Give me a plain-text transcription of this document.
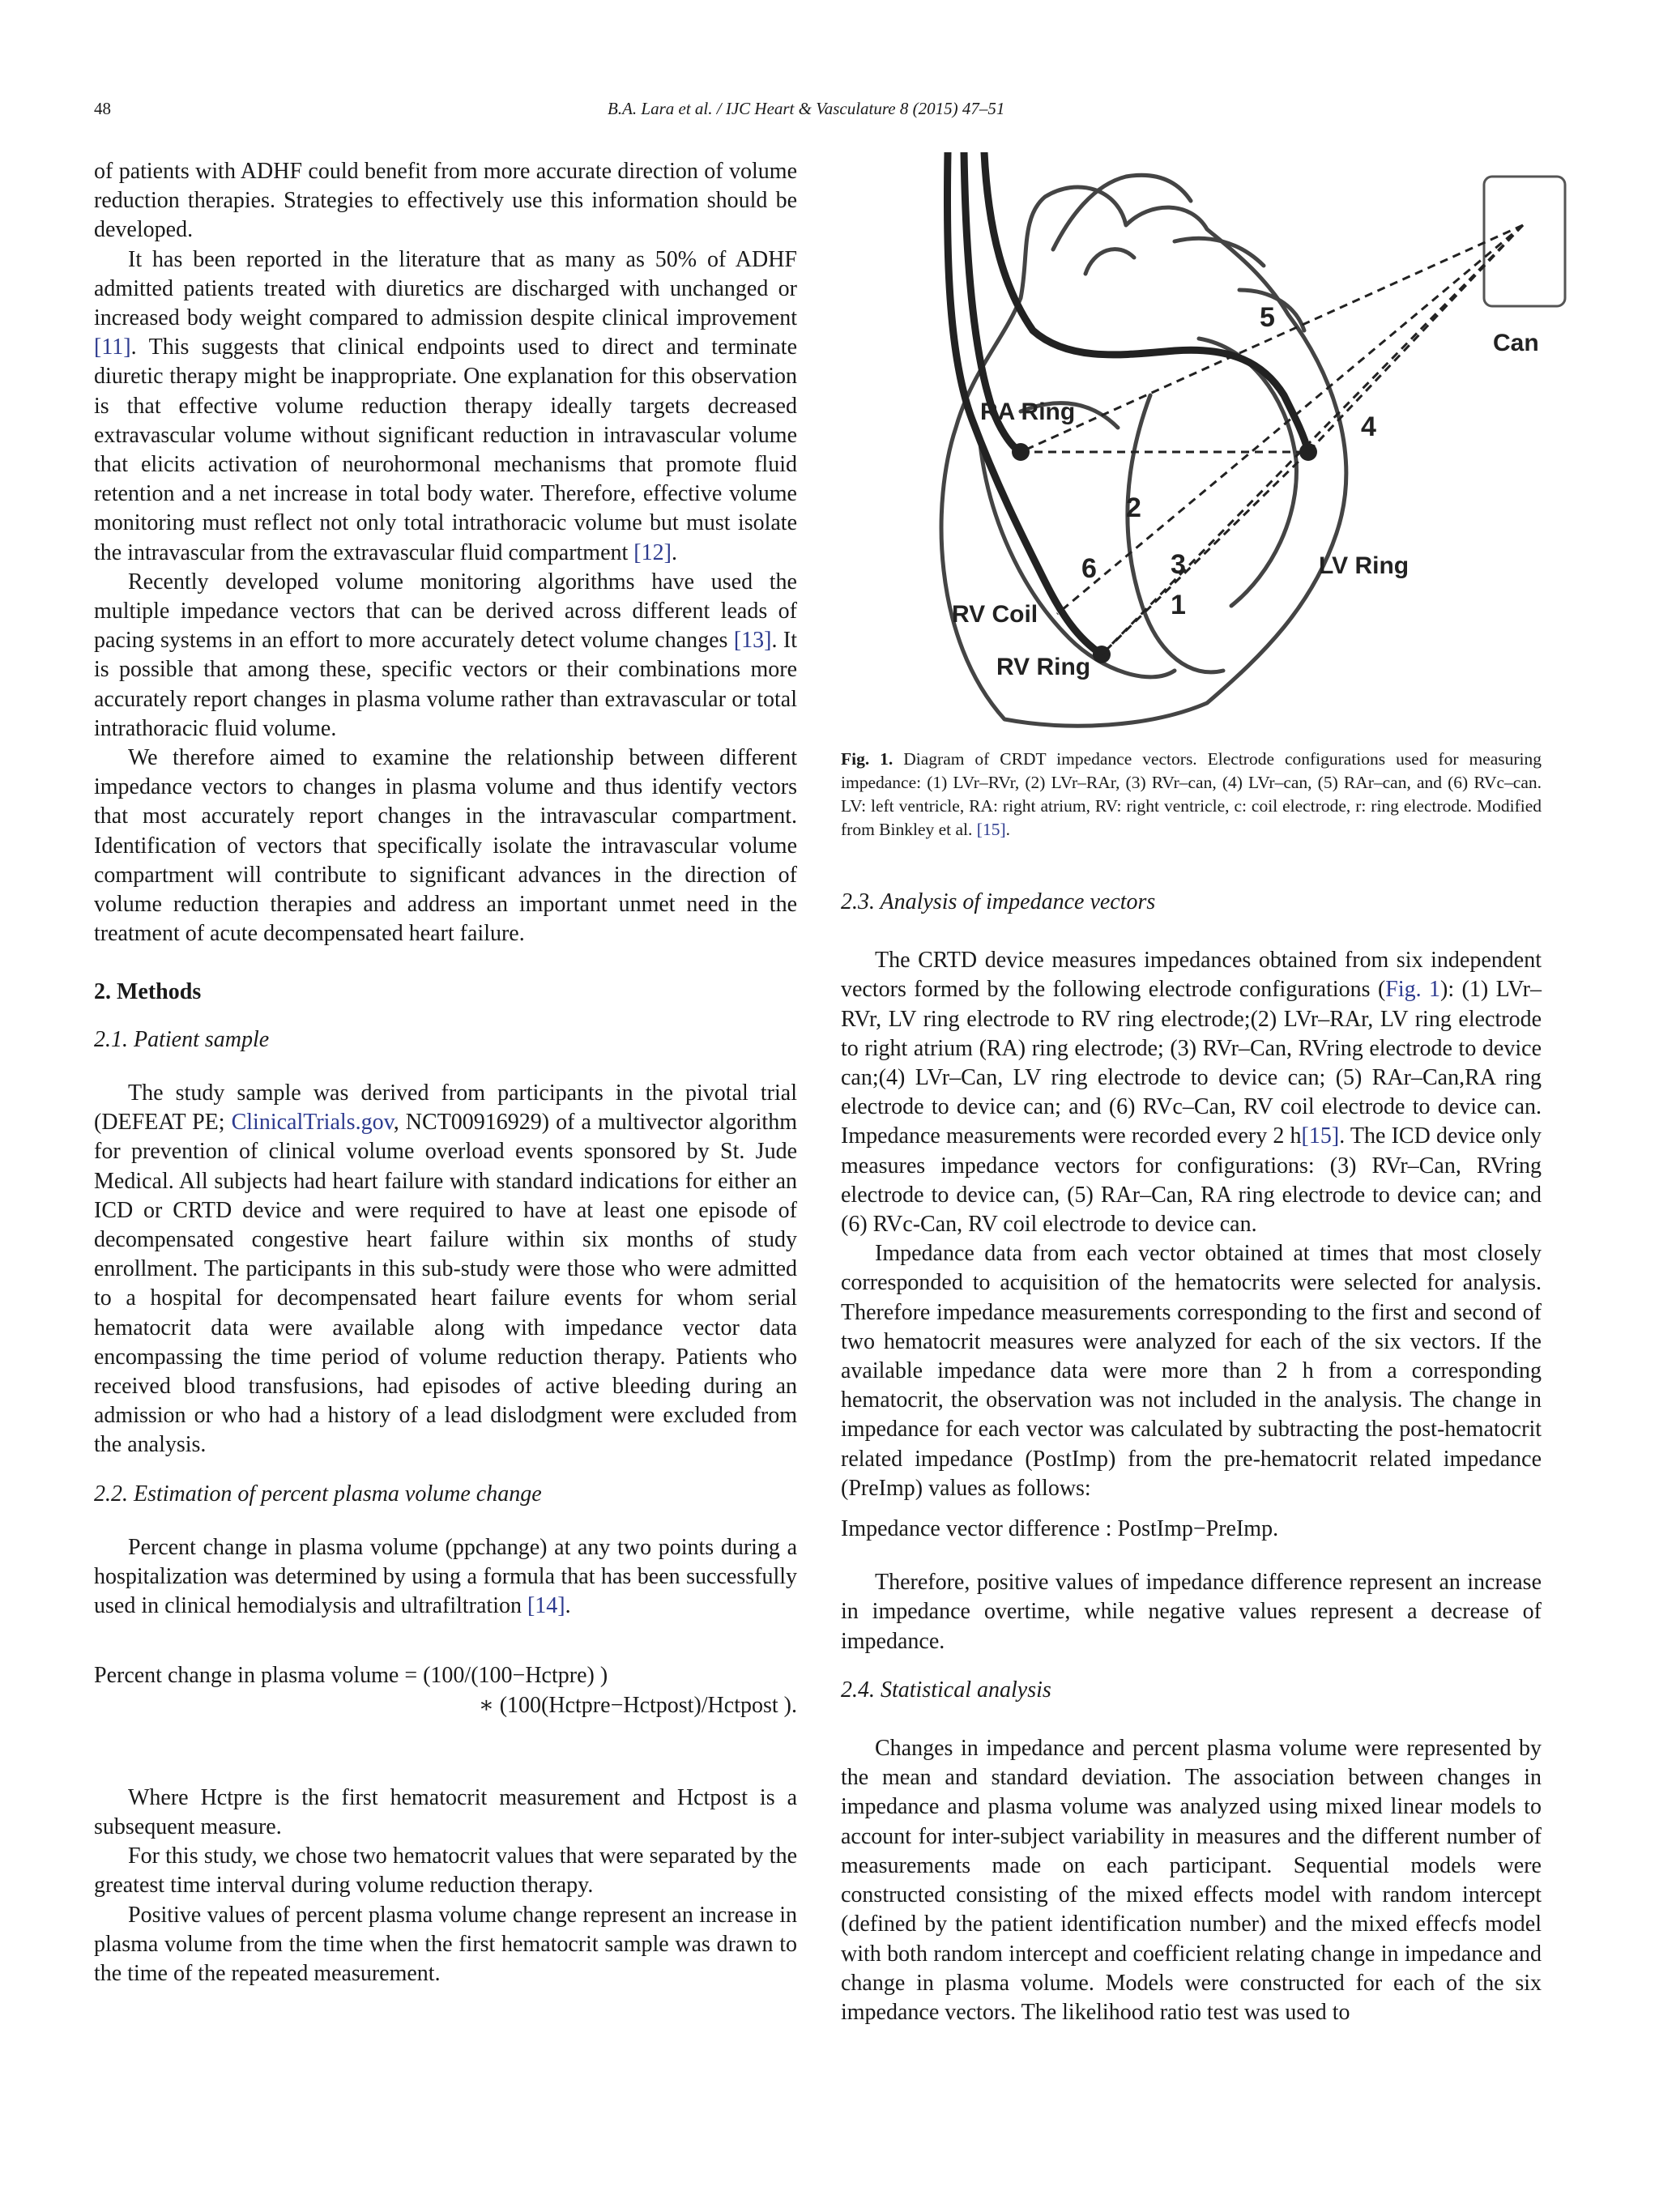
48	B.A. Lara et al. / IJC Heart & Vasculature 8 (2015) 47–51

of patients with ADHF could benefit from more accurate direction of volume reduction therapies. Strategies to effectively use this information should be developed.

It has been reported in the literature that as many as 50% of ADHF admitted patients treated with diuretics are discharged with unchanged or increased body weight compared to admission despite clinical improvement [11]. This suggests that clinical endpoints used to direct and terminate diuretic therapy might be inappropriate. One explanation for this observation is that effective volume reduction therapy ideally targets decreased extravascular volume without significant reduction in intravascular volume that elicits activation of neurohormonal mechanisms that promote fluid retention and a net increase in total body water. Therefore, effective volume monitoring must reflect not only total intrathoracic volume but must isolate the intravascular from the extravascular fluid compartment [12].

Recently developed volume monitoring algorithms have used the multiple impedance vectors that can be derived across different leads of pacing systems in an effort to more accurately detect volume changes [13]. It is possible that among these, specific vectors or their combinations more accurately report changes in plasma volume rather than extravascular or total intrathoracic fluid volume.

We therefore aimed to examine the relationship between different impedance vectors to changes in plasma volume and thus identify vectors that most accurately report changes in the intravascular compartment. Identification of vectors that specifically isolate the intravascular volume compartment will contribute to significant advances in the direction of volume reduction therapies and address an important unmet need in the treatment of acute decompensated heart failure.

2. Methods
2.1. Patient sample

The study sample was derived from participants in the pivotal trial (DEFEAT PE; ClinicalTrials.gov, NCT00916929) of a multivector algorithm for prevention of clinical volume overload events sponsored by St. Jude Medical. All subjects had heart failure with standard indications for either an ICD or CRTD device and were required to have at least one episode of decompensated congestive heart failure within six months of study enrollment. The participants in this sub-study were those who were admitted to a hospital for decompensated heart failure events for whom serial hematocrit data were available along with impedance vector data encompassing the time period of volume reduction therapy. Patients who received blood transfusions, had episodes of active bleeding during an admission or who had a history of a lead dislodgment were excluded from the analysis.

2.2. Estimation of percent plasma volume change

Percent change in plasma volume (ppchange) at any two points during a hospitalization was determined by using a formula that has been successfully used in clinical hemodialysis and ultrafiltration [14].

Percent change in plasma volume = (100/(100−Hctpre) )
∗ (100(Hctpre−Hctpost)/Hctpost ).

Where Hctpre is the first hematocrit measurement and Hctpost is a subsequent measure.

For this study, we chose two hematocrit values that were separated by the greatest time interval during volume reduction therapy.

Positive values of percent plasma volume change represent an increase in plasma volume from the time when the first hematocrit sample was drawn to the time of the repeated measurement.

RA Ring
LV Ring
RV Coil
RV Ring
Can
1
2
3
4
5
6
Fig. 1. Diagram of CRDT impedance vectors. Electrode configurations used for measuring impedance: (1) LVr–RVr, (2) LVr–RAr, (3) RVr–can, (4) LVr–can, (5) RAr–can, and (6) RVc–can. LV: left ventricle, RA: right atrium, RV: right ventricle, c: coil electrode, r: ring electrode. Modified from Binkley et al. [15].
2.3. Analysis of impedance vectors

The CRTD device measures impedances obtained from six independent vectors formed by the following electrode configurations (Fig. 1): (1) LVr–RVr, LV ring electrode to RV ring electrode;(2) LVr–RAr, LV ring electrode to right atrium (RA) ring electrode; (3) RVr–Can, RVring electrode to device can;(4) LVr–Can, LV ring electrode to device can; (5) RAr–Can,RA ring electrode to device can; and (6) RVc–Can, RV coil electrode to device can. Impedance measurements were recorded every 2 h[15]. The ICD device only measures impedance vectors for configurations: (3) RVr–Can, RVring electrode to device can, (5) RAr–Can, RA ring electrode to device can; and (6) RVc-Can, RV coil electrode to device can.

Impedance data from each vector obtained at times that most closely corresponded to acquisition of the hematocrits were selected for analysis. Therefore impedance measurements corresponding to the first and second of two hematocrit measures were analyzed for each of the six vectors. If the available impedance data were more than 2 h from a corresponding hematocrit, the observation was not included in the analysis. The change in impedance for each vector was calculated by subtracting the post-hematocrit related impedance (PostImp) from the pre-hematocrit related impedance (PreImp) values as follows:

Impedance vector difference : PostImp−PreImp.

Therefore, positive values of impedance difference represent an increase in impedance overtime, while negative values represent a decrease of impedance.

2.4. Statistical analysis

Changes in impedance and percent plasma volume were represented by the mean and standard deviation. The association between changes in impedance and plasma volume was analyzed using mixed linear models to account for inter-subject variability in measures and the different number of measurements made on each participant. Sequential models were constructed consisting of the mixed effects model with random intercept (defined by the patient identification number) and the mixed effecfs model with both random intercept and coefficient relating change in impedance and change in plasma volume. Models were constructed for each of the six impedance vectors. The likelihood ratio test was used to
